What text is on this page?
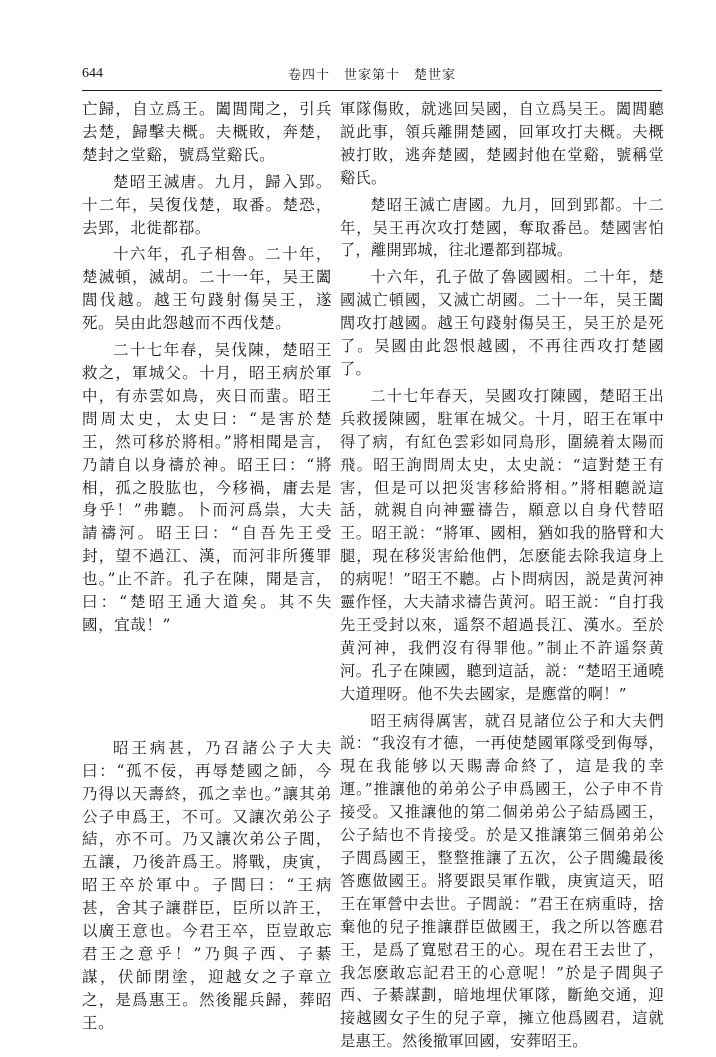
644	卷四十　世家第十　楚世家

亡歸，自立爲王。闔閭聞之，引兵去楚，歸擊夫概。夫概敗，奔楚，楚封之堂谿，號爲堂谿氏。

楚昭王滅唐。九月，歸入郢。十二年，吴復伐楚，取番。楚恐，去郢，北徙都鄀。

十六年，孔子相魯。二十年，楚滅頓，滅胡。二十一年，吴王闔閭伐越。越王句踐射傷吴王，遂死。吴由此怨越而不西伐楚。

二十七年春，吴伐陳，楚昭王救之，軍城父。十月，昭王病於軍中，有赤雲如鳥，夾日而蜚。昭王問周太史，太史曰：“是害於楚王，然可移於將相。”將相聞是言，乃請自以身禱於神。昭王曰：“將相，孤之股肱也，今移禍，庸去是身乎！”弗聽。卜而河爲祟，大夫請禱河。昭王曰：“自吾先王受封，望不過江、漢，而河非所獲罪也。”止不許。孔子在陳，聞是言，曰：“楚昭王通大道矣。其不失國，宜哉！”

昭王病甚，乃召諸公子大夫曰：“孤不佞，再辱楚國之師，今乃得以天壽終，孤之幸也。”讓其弟公子申爲王，不可。又讓次弟公子結，亦不可。乃又讓次弟公子閭，五讓，乃後許爲王。將戰，庚寅，昭王卒於軍中。子閭曰：“王病甚，舍其子讓群臣，臣所以許王，以廣王意也。今君王卒，臣豈敢忘君王之意乎！”乃與子西、子綦謀，伏師閉塗，迎越女之子章立之，是爲惠王。然後罷兵歸，葬昭王。

軍隊傷敗，就逃回吴國，自立爲吴王。闔閭聽説此事，領兵離開楚國，回軍攻打夫概。夫概被打敗，逃奔楚國，楚國封他在堂谿，號稱堂谿氏。

楚昭王滅亡唐國。九月，回到郢都。十二年，吴王再次攻打楚國，奪取番邑。楚國害怕了，離開郢城，往北遷都到鄀城。

十六年，孔子做了魯國國相。二十年，楚國滅亡頓國，又滅亡胡國。二十一年，吴王闔閭攻打越國。越王句踐射傷吴王，吴王於是死了。吴國由此怨恨越國，不再往西攻打楚國了。

二十七年春天，吴國攻打陳國，楚昭王出兵救援陳國，駐軍在城父。十月，昭王在軍中得了病，有紅色雲彩如同鳥形，圍繞着太陽而飛。昭王詢問周太史，太史説：“這對楚王有害，但是可以把災害移給將相。”將相聽説這話，就親自向神靈禱告，願意以自身代替昭王。昭王説：“將軍、國相，猶如我的胳臂和大腿，現在移災害給他們，怎麽能去除我這身上的病呢！”昭王不聽。占卜問病因，説是黄河神靈作怪，大夫請求禱告黄河。昭王説：“自打我先王受封以來，遥祭不超過長江、漢水。至於黄河神，我們沒有得罪他。”制止不許遥祭黄河。孔子在陳國，聽到這話，説：“楚昭王通曉大道理呀。他不失去國家，是應當的啊！”

昭王病得厲害，就召見諸位公子和大夫們説：“我沒有才德，一再使楚國軍隊受到侮辱，現在我能够以天賜壽命終了，這是我的幸運。”推讓他的弟弟公子申爲國王，公子申不肯接受。又推讓他的第二個弟弟公子結爲國王，公子結也不肯接受。於是又推讓第三個弟弟公子閭爲國王，整整推讓了五次，公子閭纔最後答應做國王。將要跟吴軍作戰，庚寅這天，昭王在軍營中去世。子閭説：“君王在病重時，捨棄他的兒子推讓群臣做國王，我之所以答應君王，是爲了寬慰君王的心。現在君王去世了，我怎麽敢忘記君王的心意呢！”於是子閭與子西、子綦謀劃，暗地埋伏軍隊，斷絶交通，迎接越國女子生的兒子章，擁立他爲國君，這就是惠王。然後撤軍回國，安葬昭王。
